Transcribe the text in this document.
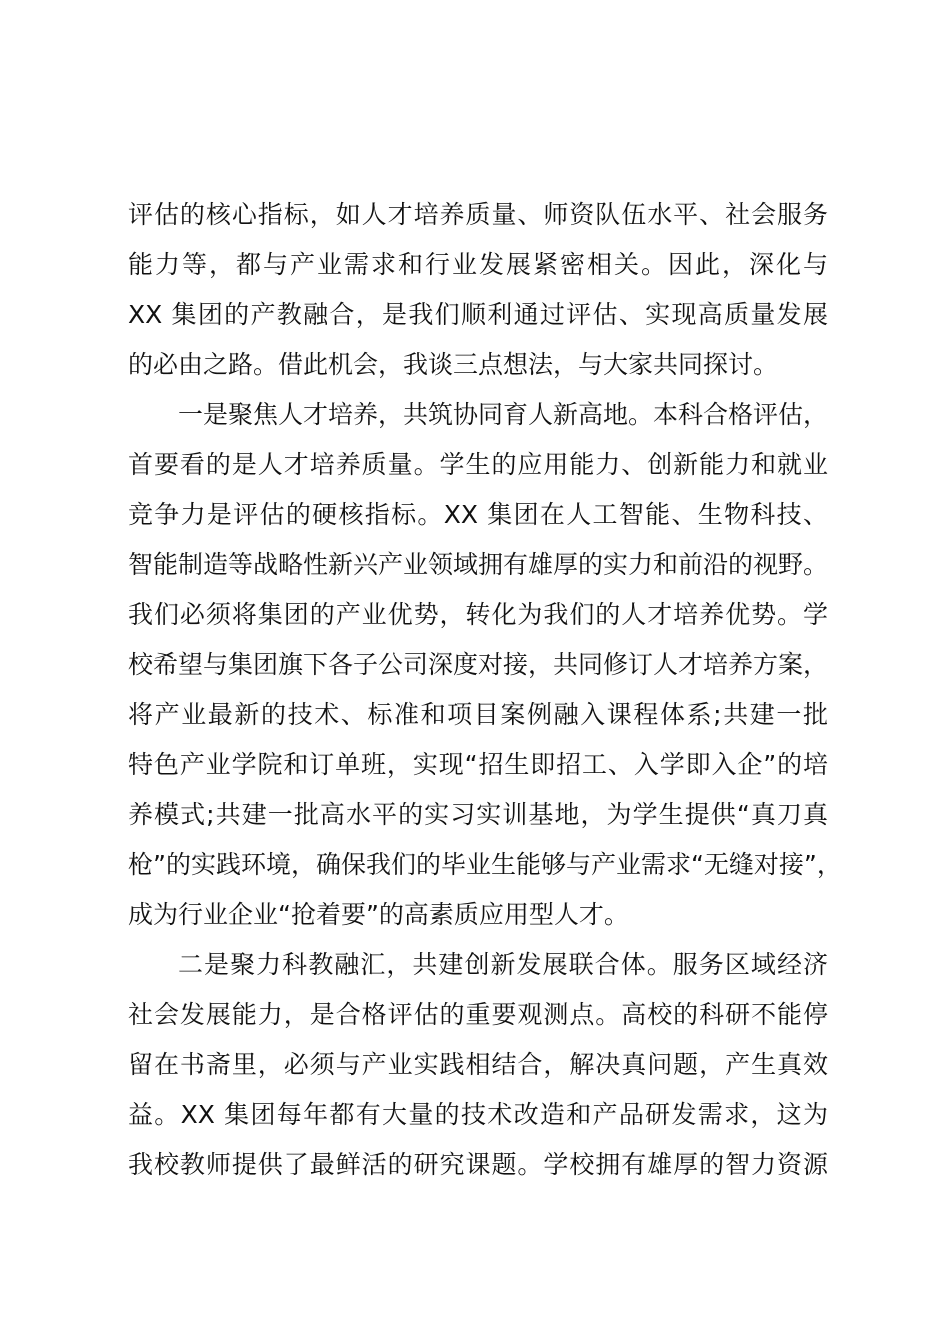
评估的核心指标，如人才培养质量、师资队伍水平、社会服务
能力等，都与产业需求和行业发展紧密相关。因此，深化与
XX 集团的产教融合，是我们顺利通过评估、实现高质量发展
的必由之路。借此机会，我谈三点想法，与大家共同探讨。
一是聚焦人才培养，共筑协同育人新高地。本科合格评估，
首要看的是人才培养质量。学生的应用能力、创新能力和就业
竞争力是评估的硬核指标。XX 集团在人工智能、生物科技、
智能制造等战略性新兴产业领域拥有雄厚的实力和前沿的视野。
我们必须将集团的产业优势，转化为我们的人才培养优势。学
校希望与集团旗下各子公司深度对接，共同修订人才培养方案，
将产业最新的技术、标准和项目案例融入课程体系;共建一批
特色产业学院和订单班，实现“招生即招工、入学即入企”的培
养模式;共建一批高水平的实习实训基地，为学生提供“真刀真
枪”的实践环境，确保我们的毕业生能够与产业需求“无缝对接”，
成为行业企业“抢着要”的高素质应用型人才。
二是聚力科教融汇，共建创新发展联合体。服务区域经济
社会发展能力，是合格评估的重要观测点。高校的科研不能停
留在书斋里，必须与产业实践相结合，解决真问题，产生真效
益。XX 集团每年都有大量的技术改造和产品研发需求，这为
我校教师提供了最鲜活的研究课题。学校拥有雄厚的智力资源
